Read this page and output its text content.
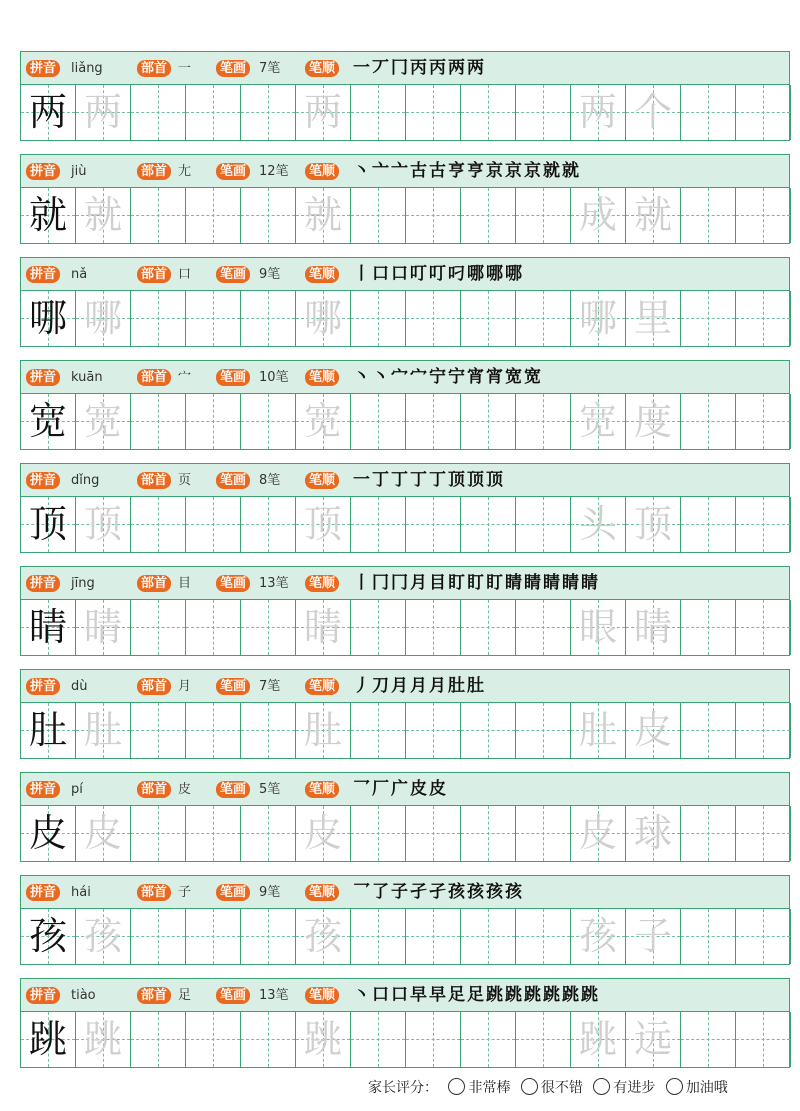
拼音	liǎng	部首 一	笔画 7笔	笔顺 一丆冂丙丙两两
两 两	两	两 个
拼音	jiù	部首 尢	笔画 12笔	笔顺 丶亠亠古古亨亨京京京就就
就 就	就	成 就
拼音	nǎ	部首 口	笔画 9笔	笔顺 丨口口叮叮叼哪哪哪
哪 哪	哪	哪 里
拼音	kuān	部首 宀	笔画 10笔	笔顺 丶丶宀宀宁宁宵宵宽宽
宽 宽	宽	宽 度
拼音	dǐng	部首 页	笔画 8笔	笔顺 一丁丁丁丁顶顶顶
顶 顶	顶	头 顶
拼音	jīng	部首 目	笔画 13笔	笔顺 丨冂冂月目盯盯盯睛睛睛睛睛
睛 睛	睛	眼 睛
拼音	dù	部首 月	笔画 7笔	笔顺 丿刀月月月肚肚
肚 肚	肚	肚 皮
拼音	pí	部首 皮	笔画 5笔	笔顺 乛厂广皮皮
皮 皮	皮	皮 球
拼音	hái	部首 子	笔画 9笔	笔顺 乛了子孑孑孩孩孩孩
孩 孩	孩	孩 子
拼音	tiào	部首 足	笔画 13笔	笔顺 丶口口早早足足跳跳跳跳跳跳
跳 跳	跳	跳 远
家长评分： 非常棒 很不错 有进步 加油哦
